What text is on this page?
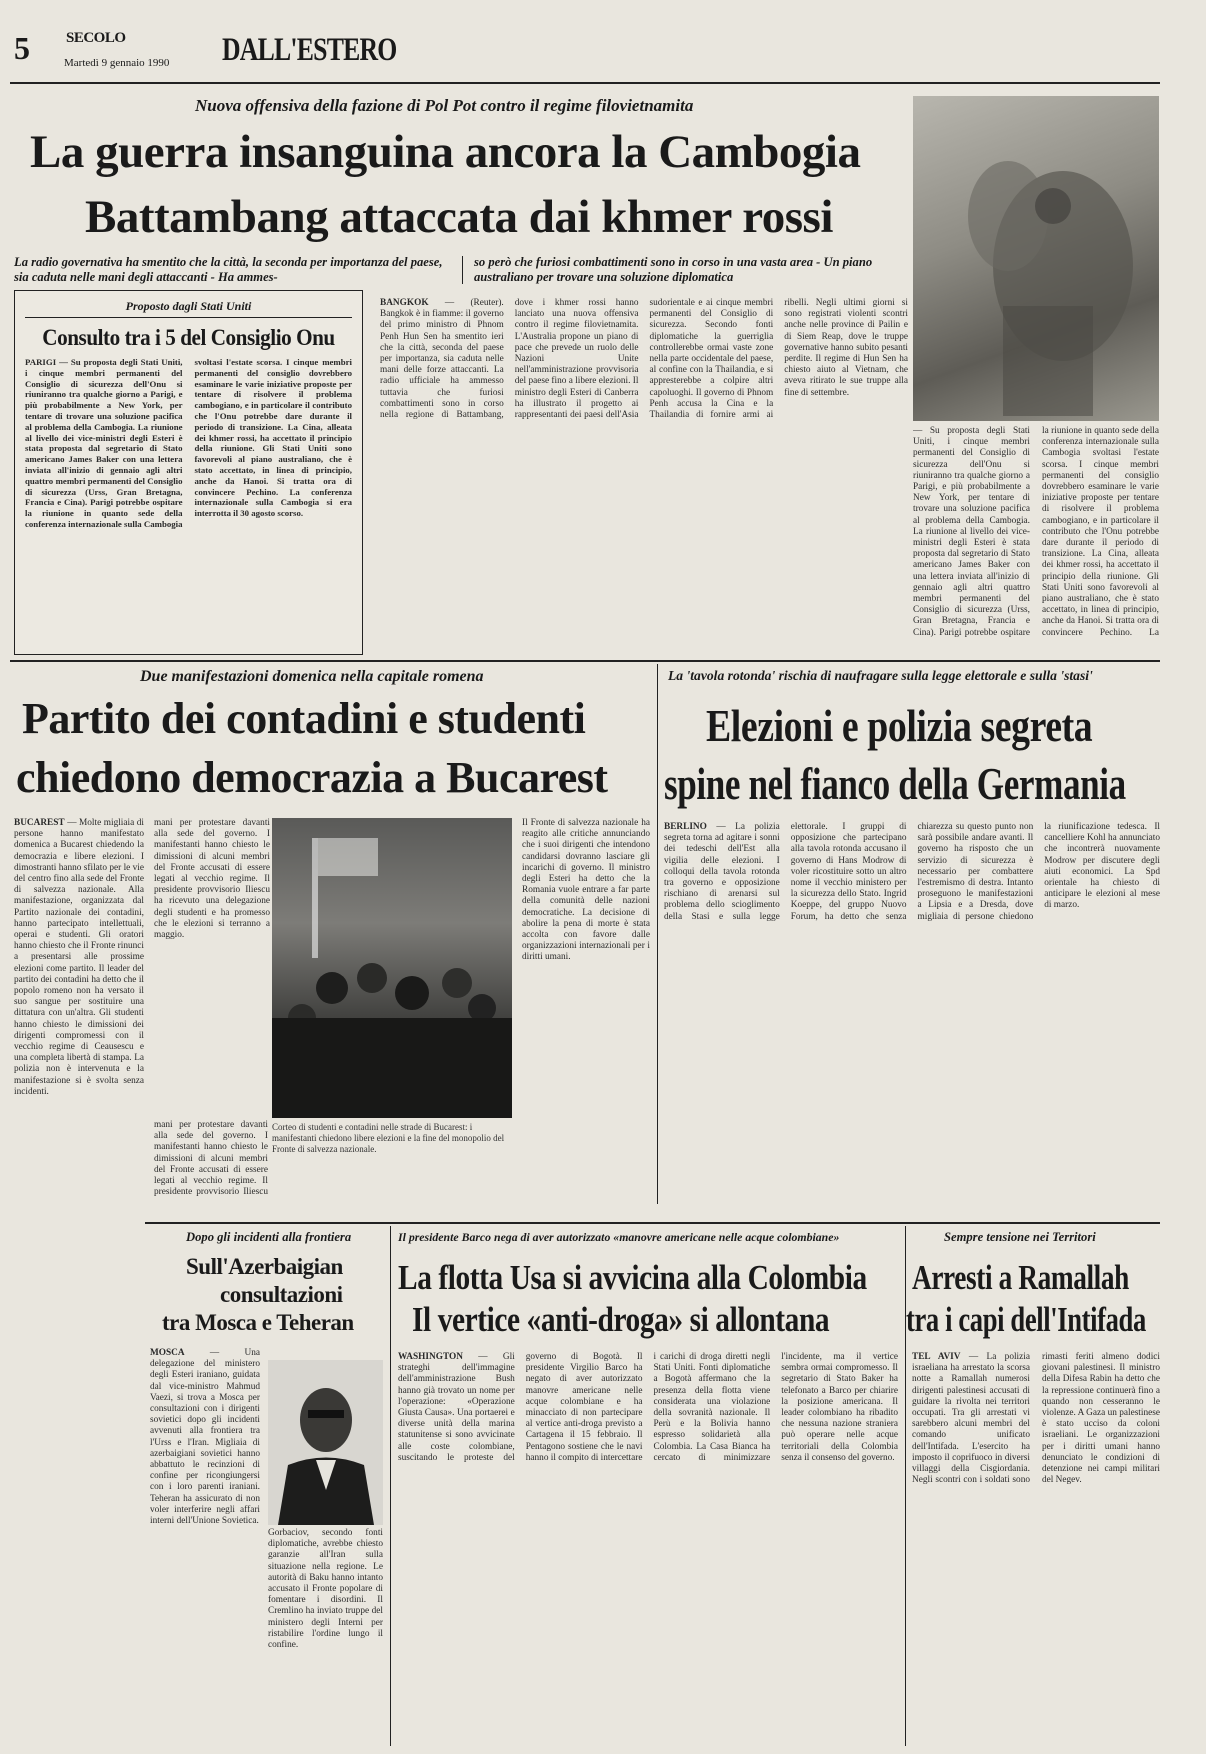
5 SECOLO
Martedì 9 gennaio 1990 DALL'ESTERO
Nuova offensiva della fazione di Pol Pot contro il regime filovietnamita
La guerra insanguina ancora la Cambogia
Battambang attaccata dai khmer rossi
La radio governativa ha smentito che la città, la seconda per importanza del paese, sia caduta nelle mani degli attaccanti - Ha ammes-
so però che furiosi combattimenti sono in corso in una vasta area - Un piano australiano per trovare una soluzione diplomatica
Proposto dagli Stati Uniti
Consulto tra i 5 del Consiglio Onu
PARIGI — Su proposta degli Stati Uniti, i cinque membri permanenti del Consiglio di sicurezza dell'Onu si riuniranno tra qualche giorno a Parigi, e più probabilmente a New York, per tentare di trovare una soluzione pacifica al problema della Cambogia. La riunione al livello dei vice-ministri degli Esteri è stata proposta dal segretario di Stato americano James Baker con una lettera inviata all'inizio di gennaio agli altri quattro membri permanenti del Consiglio di sicurezza (Urss, Gran Bretagna, Francia e Cina). Parigi potrebbe ospitare la riunione in quanto sede della conferenza internazionale sulla Cambogia svoltasi l'estate scorsa. I cinque membri permanenti del consiglio dovrebbero esaminare le varie iniziative proposte per tentare di risolvere il problema cambogiano, e in particolare il contributo che l'Onu potrebbe dare durante il periodo di transizione. La Cina, alleata dei khmer rossi, ha accettato il principio della riunione. Gli Stati Uniti sono favorevoli al piano australiano, che è stato accettato, in linea di principio, anche da Hanoi. Si tratta ora di convincere Pechino. La conferenza internazionale sulla Cambogia si era interrotta il 30 agosto scorso.
BANGKOK — (Reuter). Bangkok è in fiamme: il governo del primo ministro di Phnom Penh Hun Sen ha smentito ieri che la città, seconda del paese per importanza, sia caduta nelle mani delle forze attaccanti. La radio ufficiale ha ammesso tuttavia che furiosi combattimenti sono in corso nella regione di Battambang, dove i khmer rossi hanno lanciato una nuova offensiva contro il regime filovietnamita. L'Australia propone un piano di pace che prevede un ruolo delle Nazioni Unite nell'amministrazione provvisoria del paese fino a libere elezioni. Il ministro degli Esteri di Canberra ha illustrato il progetto ai rappresentanti dei paesi dell'Asia sudorientale e ai cinque membri permanenti del Consiglio di sicurezza. Secondo fonti diplomatiche la guerriglia controllerebbe ormai vaste zone nella parte occidentale del paese, al confine con la Thailandia, e si appresterebbe a colpire altri capoluoghi. Il governo di Phnom Penh accusa la Cina e la Thailandia di fornire armi ai ribelli. Negli ultimi giorni si sono registrati violenti scontri anche nelle province di Pailin e di Siem Reap, dove le truppe governative hanno subito pesanti perdite. Il regime di Hun Sen ha chiesto aiuto al Vietnam, che aveva ritirato le sue truppe alla fine di settembre.
— Su proposta degli Stati Uniti, i cinque membri permanenti del Consiglio di sicurezza dell'Onu si riuniranno tra qualche giorno a Parigi, e più probabilmente a New York, per tentare di trovare una soluzione pacifica al problema della Cambogia. La riunione al livello dei vice-ministri degli Esteri è stata proposta dal segretario di Stato americano James Baker con una lettera inviata all'inizio di gennaio agli altri quattro membri permanenti del Consiglio di sicurezza (Urss, Gran Bretagna, Francia e Cina). Parigi potrebbe ospitare la riunione in quanto sede della conferenza internazionale sulla Cambogia svoltasi l'estate scorsa. I cinque membri permanenti del consiglio dovrebbero esaminare le varie iniziative proposte per tentare di risolvere il problema cambogiano, e in particolare il contributo che l'Onu potrebbe dare durante il periodo di transizione. La Cina, alleata dei khmer rossi, ha accettato il principio della riunione. Gli Stati Uniti sono favorevoli al piano australiano, che è stato accettato, in linea di principio, anche da Hanoi. Si tratta ora di convincere Pechino. La
Due manifestazioni domenica nella capitale romena
Partito dei contadini e studenti
chiedono democrazia a Bucarest
BUCAREST — Molte migliaia di persone hanno manifestato domenica a Bucarest chiedendo la democrazia e libere elezioni. I dimostranti hanno sfilato per le vie del centro fino alla sede del Fronte di salvezza nazionale. Alla manifestazione, organizzata dal Partito nazionale dei contadini, hanno partecipato intellettuali, operai e studenti. Gli oratori hanno chiesto che il Fronte rinunci a presentarsi alle prossime elezioni come partito. Il leader del partito dei contadini ha detto che il popolo romeno non ha versato il suo sangue per sostituire una dittatura con un'altra. Gli studenti hanno chiesto le dimissioni dei dirigenti compromessi con il vecchio regime di Ceausescu e una completa libertà di stampa. La polizia non è intervenuta e la manifestazione si è svolta senza incidenti.
mani per protestare davanti alla sede del governo. I manifestanti hanno chiesto le dimissioni di alcuni membri del Fronte accusati di essere legati al vecchio regime. Il presidente provvisorio Iliescu ha ricevuto una delegazione degli studenti e ha promesso che le elezioni si terranno a maggio.
Corteo di studenti e contadini nelle strade di Bucarest: i manifestanti chiedono libere elezioni e la fine del monopolio del Fronte di salvezza nazionale.
mani per protestare davanti alla sede del governo. I manifestanti hanno chiesto le dimissioni di alcuni membri del Fronte accusati di essere legati al vecchio regime. Il presidente provvisorio Iliescu
Il Fronte di salvezza nazionale ha reagito alle critiche annunciando che i suoi dirigenti che intendono candidarsi dovranno lasciare gli incarichi di governo. Il ministro degli Esteri ha detto che la Romania vuole entrare a far parte della comunità delle nazioni democratiche. La decisione di abolire la pena di morte è stata accolta con favore dalle organizzazioni internazionali per i diritti umani.
La 'tavola rotonda' rischia di naufragare sulla legge elettorale e sulla 'stasi'
Elezioni e polizia segreta
spine nel fianco della Germania
BERLINO — La polizia segreta torna ad agitare i sonni dei tedeschi dell'Est alla vigilia delle elezioni. I colloqui della tavola rotonda tra governo e opposizione rischiano di arenarsi sul problema dello scioglimento della Stasi e sulla legge elettorale. I gruppi di opposizione che partecipano alla tavola rotonda accusano il governo di Hans Modrow di voler ricostituire sotto un altro nome il vecchio ministero per la sicurezza dello Stato. Ingrid Koeppe, del gruppo Nuovo Forum, ha detto che senza chiarezza su questo punto non sarà possibile andare avanti. Il governo ha risposto che un servizio di sicurezza è necessario per combattere l'estremismo di destra. Intanto proseguono le manifestazioni a Lipsia e a Dresda, dove migliaia di persone chiedono la riunificazione tedesca. Il cancelliere Kohl ha annunciato che incontrerà nuovamente Modrow per discutere degli aiuti economici. La Spd orientale ha chiesto di anticipare le elezioni al mese di marzo.
Dopo gli incidenti alla frontiera
Sull'Azerbaigian
consultazioni
tra Mosca e Teheran
MOSCA	— Una delegazione del ministero degli Esteri iraniano, guidata dal vice-ministro Mahmud Vaezi, si trova a Mosca per consultazioni con i dirigenti sovietici dopo gli incidenti avvenuti alla frontiera tra l'Urss e l'Iran. Migliaia di azerbaigiani sovietici hanno abbattuto le recinzioni di confine per ricongiungersi con i loro parenti iraniani. Teheran ha assicurato di non voler interferire negli affari interni dell'Unione Sovietica.
Gorbaciov, secondo fonti diplomatiche, avrebbe chiesto garanzie all'Iran sulla situazione nella regione. Le autorità di Baku hanno intanto accusato il Fronte popolare di fomentare i disordini. Il Cremlino ha inviato truppe del ministero degli Interni per ristabilire l'ordine lungo il confine.
Il presidente Barco nega di aver autorizzato «manovre americane nelle acque colombiane»
La flotta Usa si avvicina alla Colombia
Il vertice «anti-droga» si allontana
WASHINGTON — Gli strateghi dell'immagine dell'amministrazione Bush hanno già trovato un nome per l'operazione: «Operazione Giusta Causa». Una portaerei e diverse unità della marina statunitense si sono avvicinate alle coste colombiane, suscitando le proteste del governo di Bogotà. Il presidente Virgilio Barco ha negato di aver autorizzato manovre americane nelle acque colombiane e ha minacciato di non partecipare al vertice anti-droga previsto a Cartagena il 15 febbraio. Il Pentagono sostiene che le navi hanno il compito di intercettare i carichi di droga diretti negli Stati Uniti. Fonti diplomatiche a Bogotà affermano che la presenza della flotta viene considerata una violazione della sovranità nazionale. Il Perù e la Bolivia hanno espresso solidarietà alla Colombia. La Casa Bianca ha cercato di minimizzare l'incidente, ma il vertice sembra ormai compromesso. Il segretario di Stato Baker ha telefonato a Barco per chiarire la posizione americana. Il leader colombiano ha ribadito che nessuna nazione straniera può operare nelle acque territoriali della Colombia senza il consenso del governo.
Sempre tensione nei Territori
Arresti a Ramallah
tra i capi dell'Intifada
TEL AVIV — La polizia israeliana ha arrestato la scorsa notte a Ramallah numerosi dirigenti palestinesi accusati di guidare la rivolta nei territori occupati. Tra gli arrestati vi sarebbero alcuni membri del comando unificato dell'Intifada. L'esercito ha imposto il coprifuoco in diversi villaggi della Cisgiordania. Negli scontri con i soldati sono rimasti feriti almeno dodici giovani palestinesi. Il ministro della Difesa Rabin ha detto che la repressione continuerà fino a quando non cesseranno le violenze. A Gaza un palestinese è stato ucciso da coloni israeliani. Le organizzazioni per i diritti umani hanno denunciato le condizioni di detenzione nei campi militari del Negev.
